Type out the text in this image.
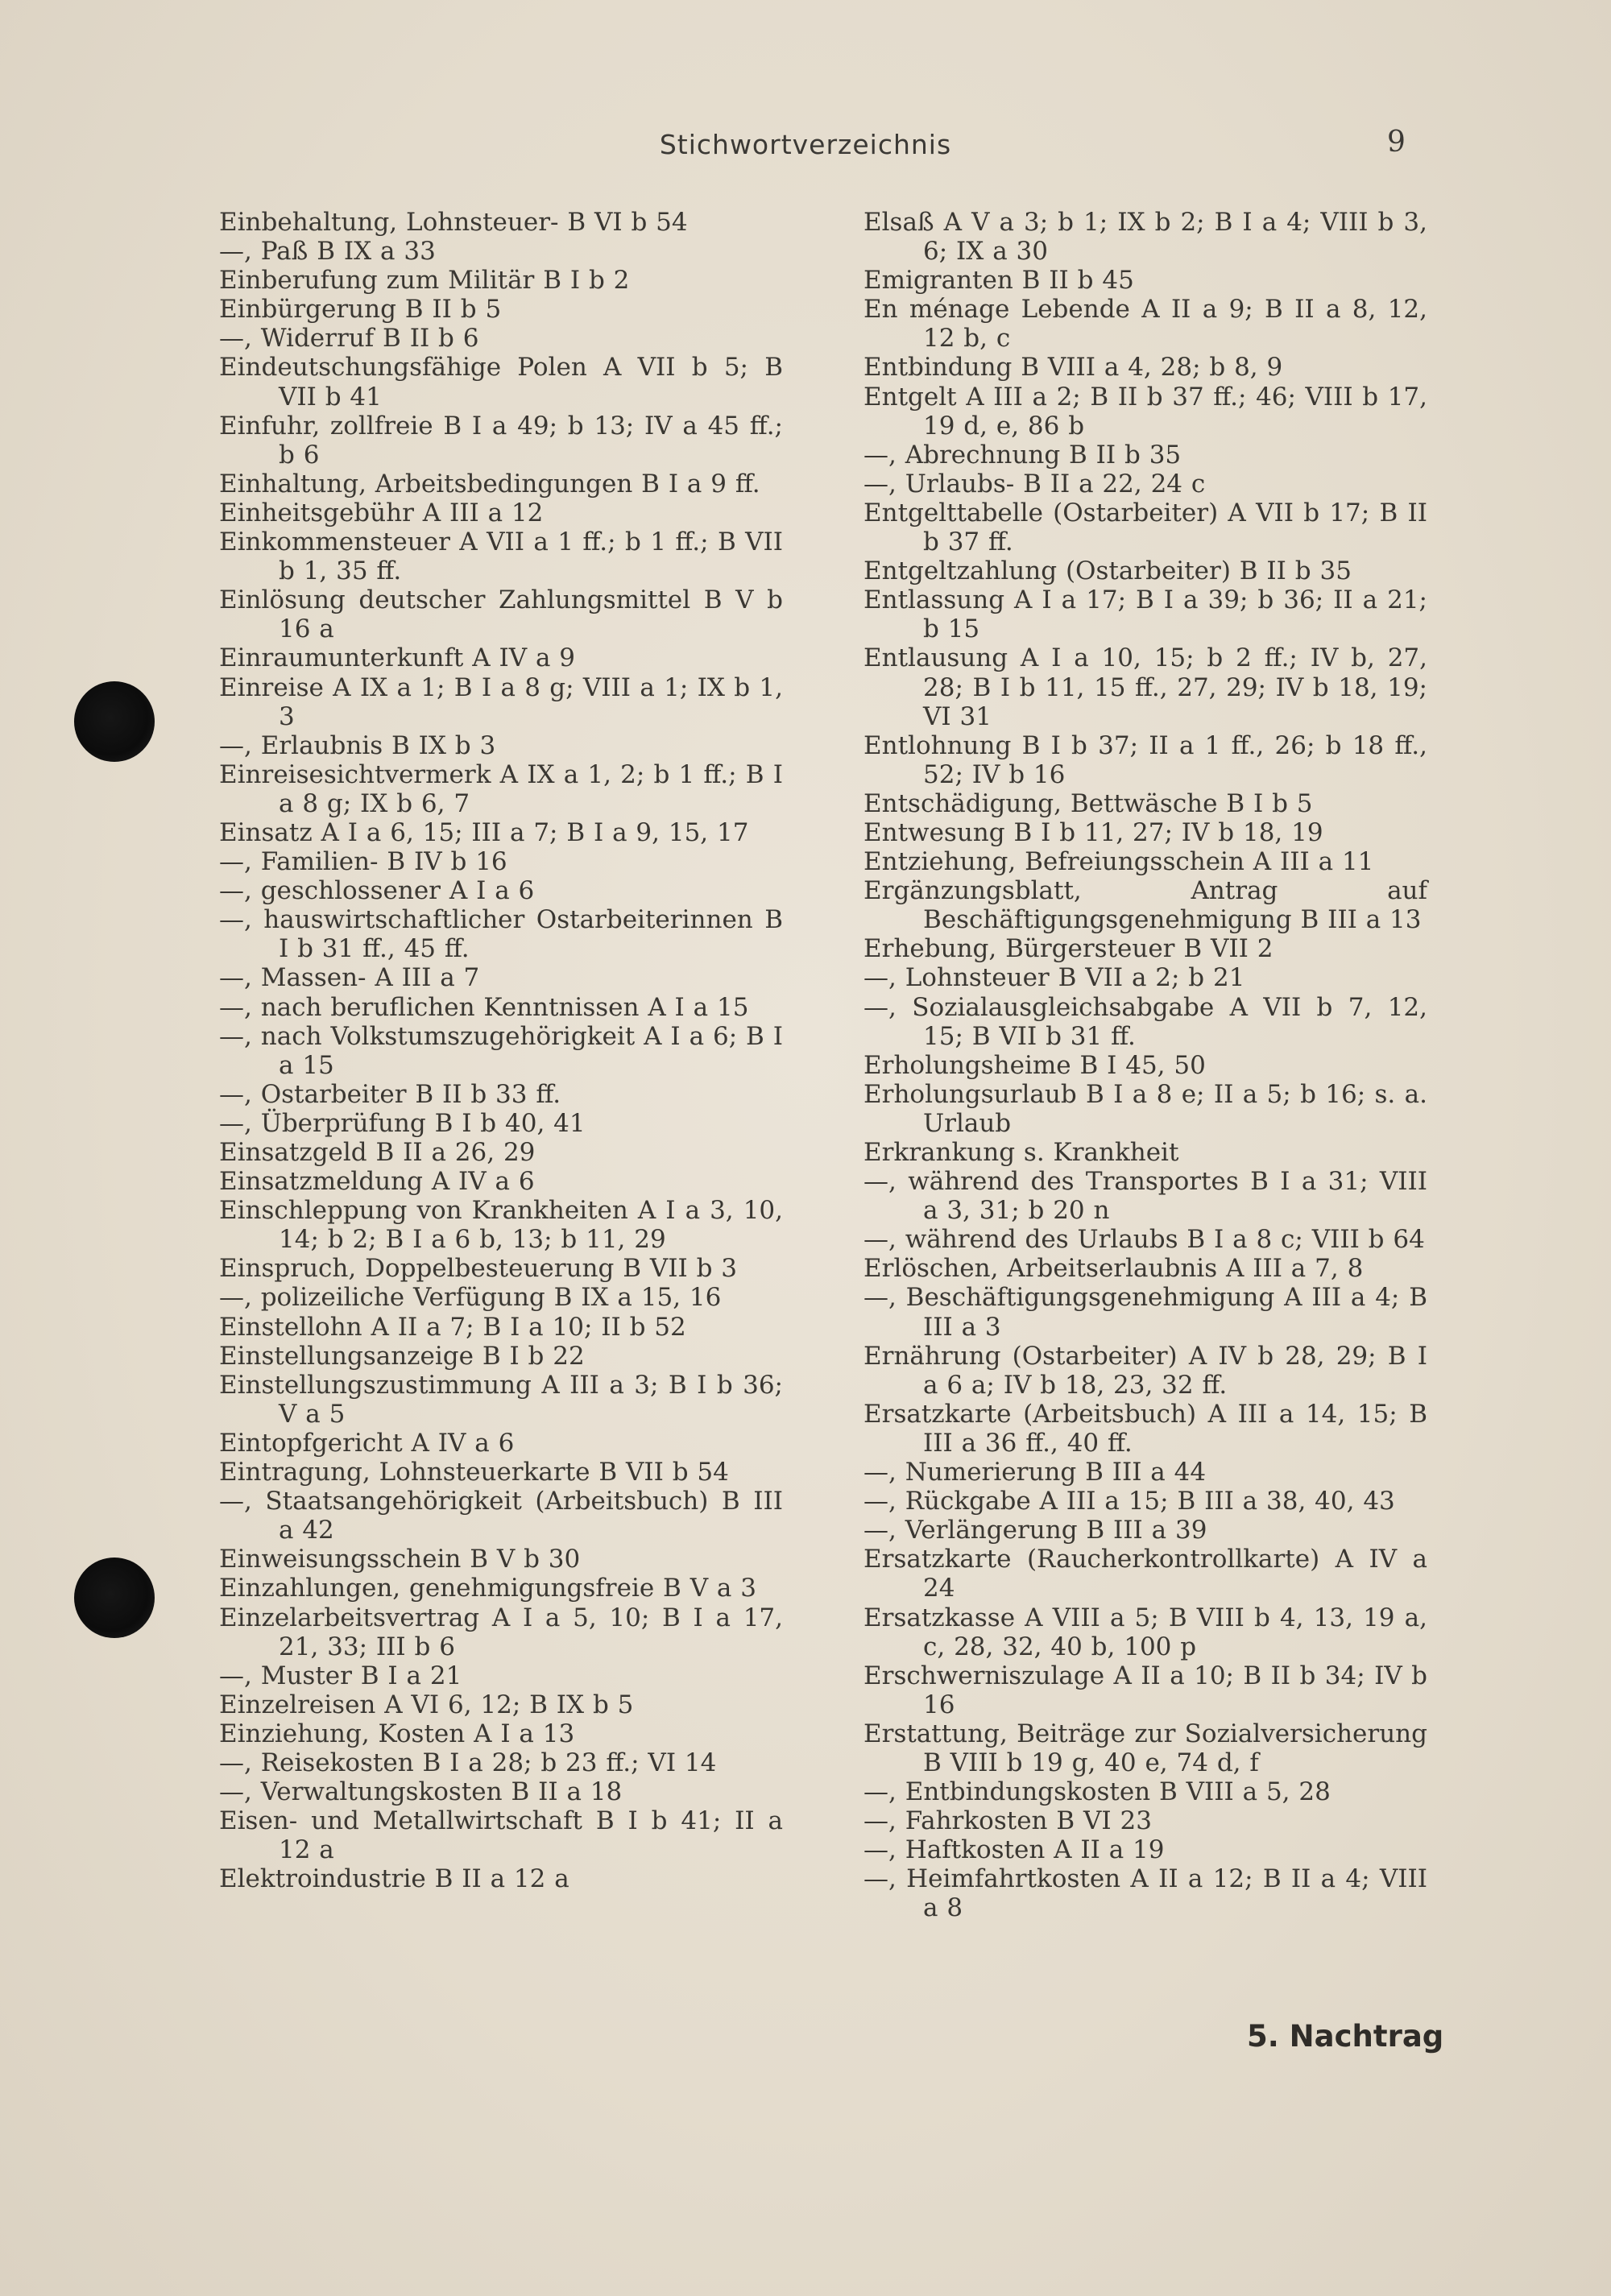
Stichwortverzeichnis	9
Einbehaltung, Lohnsteuer- B VI b 54
—, Paß B IX a 33
Einberufung zum Militär B I b 2
Einbürgerung B II b 5
—, Widerruf B II b 6
Eindeutschungsfähige Polen A VII b 5; B VII b 41
Einfuhr, zollfreie B I a 49; b 13; IV a 45 ff.; b 6
Einhaltung, Arbeitsbedingungen B I a 9 ff.
Einheitsgebühr A III a 12
Einkommensteuer A VII a 1 ff.; b 1 ff.; B VII b 1, 35 ff.
Einlösung deutscher Zahlungsmittel B V b 16 a
Einraumunterkunft A IV a 9
Einreise A IX a 1; B I a 8 g; VIII a 1; IX b 1, 3
—, Erlaubnis B IX b 3
Einreisesichtvermerk A IX a 1, 2; b 1 ff.; B I a 8 g; IX b 6, 7
Einsatz A I a 6, 15; III a 7; B I a 9, 15, 17
—, Familien- B IV b 16
—, geschlossener A I a 6
—, hauswirtschaftlicher Ostarbeiterinnen B I b 31 ff., 45 ff.
—, Massen- A III a 7
—, nach beruflichen Kenntnissen A I a 15
—, nach Volkstumszugehörigkeit A I a 6; B I a 15
—, Ostarbeiter B II b 33 ff.
—, Überprüfung B I b 40, 41
Einsatzgeld B II a 26, 29
Einsatzmeldung A IV a 6
Einschleppung von Krankheiten A I a 3, 10, 14; b 2; B I a 6 b, 13; b 11, 29
Einspruch, Doppelbesteuerung B VII b 3
—, polizeiliche Verfügung B IX a 15, 16
Einstellohn A II a 7; B I a 10; II b 52
Einstellungsanzeige B I b 22
Einstellungszustimmung A III a 3; B I b 36; V a 5
Eintopfgericht A IV a 6
Eintragung, Lohnsteuerkarte B VII b 54
—, Staatsangehörigkeit (Arbeitsbuch) B III a 42
Einweisungsschein B V b 30
Einzahlungen, genehmigungsfreie B V a 3
Einzelarbeitsvertrag A I a 5, 10; B I a 17, 21, 33; III b 6
—, Muster B I a 21
Einzelreisen A VI 6, 12; B IX b 5
Einziehung, Kosten A I a 13
—, Reisekosten B I a 28; b 23 ff.; VI 14
—, Verwaltungskosten B II a 18
Eisen- und Metallwirtschaft B I b 41; II a 12 a
Elektroindustrie B II a 12 a
Elsaß A V a 3; b 1; IX b 2; B I a 4; VIII b 3, 6; IX a 30
Emigranten B II b 45
En ménage Lebende A II a 9; B II a 8, 12, 12 b, c
Entbindung B VIII a 4, 28; b 8, 9
Entgelt A III a 2; B II b 37 ff.; 46; VIII b 17, 19 d, e, 86 b
—, Abrechnung B II b 35
—, Urlaubs- B II a 22, 24 c
Entgelttabelle (Ostarbeiter) A VII b 17; B II b 37 ff.
Entgeltzahlung (Ostarbeiter) B II b 35
Entlassung A I a 17; B I a 39; b 36; II a 21; b 15
Entlausung A I a 10, 15; b 2 ff.; IV b, 27, 28; B I b 11, 15 ff., 27, 29; IV b 18, 19; VI 31
Entlohnung B I b 37; II a 1 ff., 26; b 18 ff., 52; IV b 16
Entschädigung, Bettwäsche B I b 5
Entwesung B I b 11, 27; IV b 18, 19
Entziehung, Befreiungsschein A III a 11
Ergänzungsblatt, Antrag auf Beschäftigungsgenehmigung B III a 13
Erhebung, Bürgersteuer B VII 2
—, Lohnsteuer B VII a 2; b 21
—, Sozialausgleichsabgabe A VII b 7, 12, 15; B VII b 31 ff.
Erholungsheime B I 45, 50
Erholungsurlaub B I a 8 e; II a 5; b 16; s. a. Urlaub
Erkrankung s. Krankheit
—, während des Transportes B I a 31; VIII a 3, 31; b 20 n
—, während des Urlaubs B I a 8 c; VIII b 64
Erlöschen, Arbeitserlaubnis A III a 7, 8
—, Beschäftigungsgenehmigung A III a 4; B III a 3
Ernährung (Ostarbeiter) A IV b 28, 29; B I a 6 a; IV b 18, 23, 32 ff.
Ersatzkarte (Arbeitsbuch) A III a 14, 15; B III a 36 ff., 40 ff.
—, Numerierung B III a 44
—, Rückgabe A III a 15; B III a 38, 40, 43
—, Verlängerung B III a 39
Ersatzkarte (Raucherkontrollkarte) A IV a 24
Ersatzkasse A VIII a 5; B VIII b 4, 13, 19 a, c, 28, 32, 40 b, 100 p
Erschwerniszulage A II a 10; B II b 34; IV b 16
Erstattung, Beiträge zur Sozialversicherung B VIII b 19 g, 40 e, 74 d, f
—, Entbindungskosten B VIII a 5, 28
—, Fahrkosten B VI 23
—, Haftkosten A II a 19
—, Heimfahrtkosten A II a 12; B II a 4; VIII a 8
5. Nachtrag
